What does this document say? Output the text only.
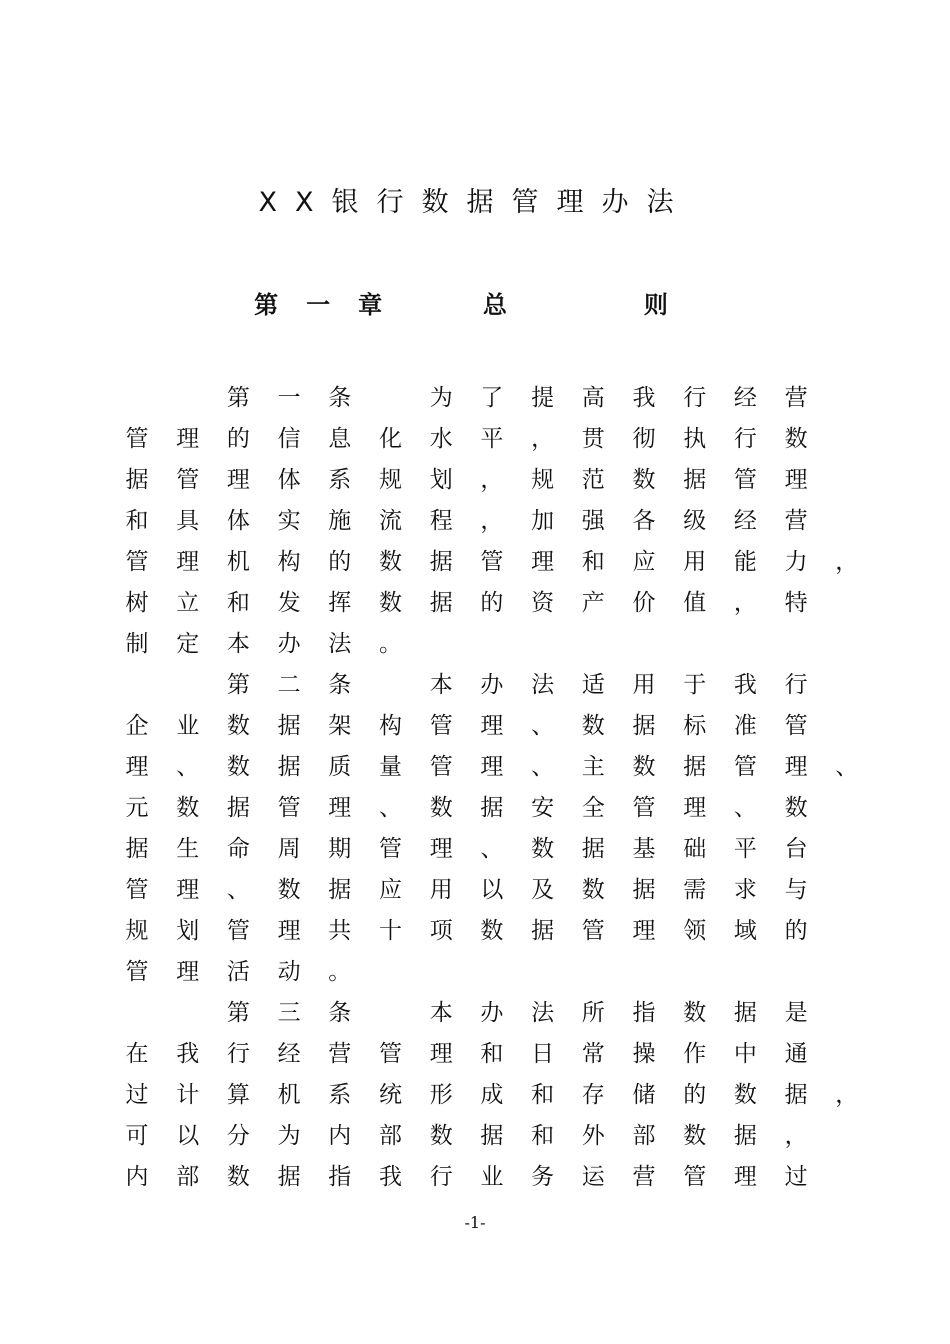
XX银行数据管理办法
第一章  总   则
第 一 条	为 了 提 高 我 行 经 营
管 理 的 信 息 化 水 平 ， 贯 彻 执 行 数
据 管 理 体 系 规 划 ， 规 范 数 据 管 理
和 具 体 实 施 流 程 ， 加 强 各 级 经 营
管 理 机 构 的 数 据 管 理 和 应 用 能 力 ，
树 立 和 发 挥 数 据 的 资 产 价 值 ， 特
制 定 本 办 法 。
第 二 条	本 办 法 适 用 于 我 行
企 业 数 据 架 构 管 理 、 数 据 标 准 管
理 、 数 据 质 量 管 理 、 主 数 据 管 理 、
元 数 据 管 理 、 数 据 安 全 管 理 、 数
据 生 命 周 期 管 理 、 数 据 基 础 平 台
管 理 、 数 据 应 用 以 及 数 据 需 求 与
规 划 管 理 共 十 项 数 据 管 理 领 域 的
管 理 活 动 。
第 三 条	本 办 法 所 指 数 据 是
在 我 行 经 营 管 理 和 日 常 操 作 中 通
过 计 算 机 系 统 形 成 和 存 储 的 数 据 ，
可 以 分 为 内 部 数 据 和 外 部 数 据 ，
内 部 数 据 指 我 行 业 务 运 营 管 理 过
-1-
